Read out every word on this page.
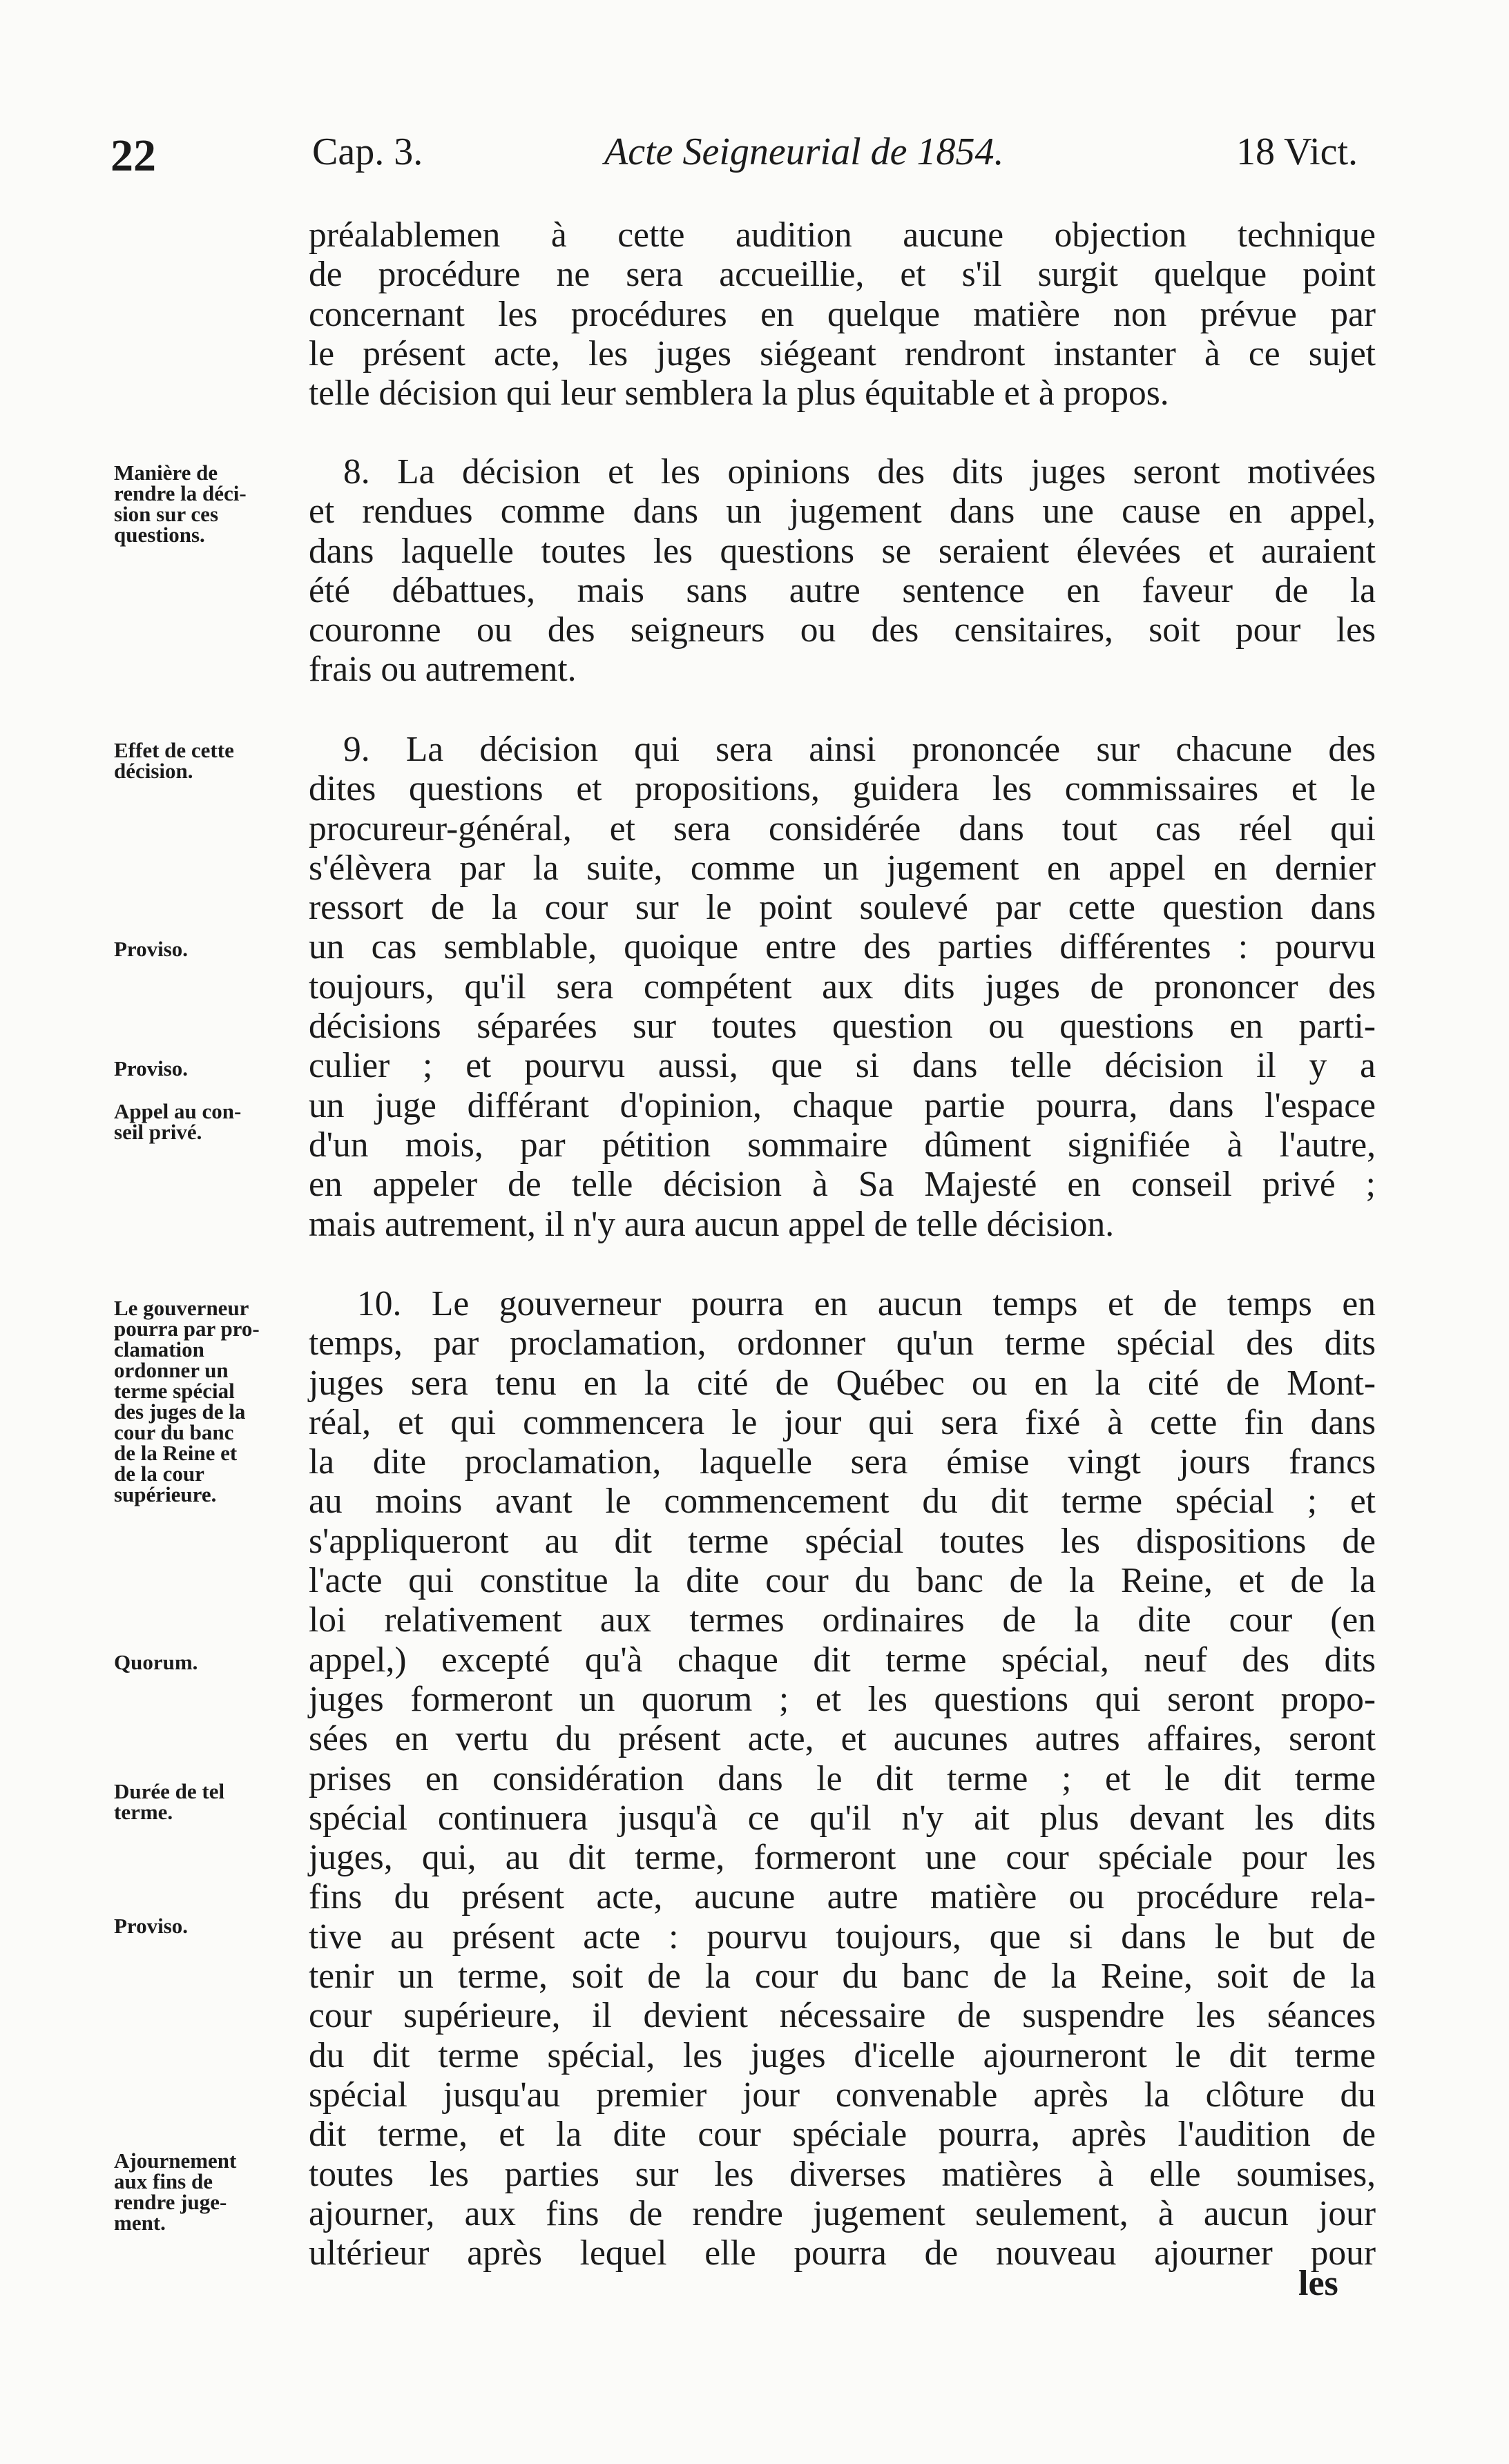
22	Cap. 3.	Acte Seigneurial de 1854.	18 Vict.

préalablemen à cette audition aucune objection technique

de procédure ne sera accueillie, et s'il surgit quelque point

concernant les procédures en quelque matière non prévue par

le présent acte, les juges siégeant rendront instanter à ce sujet

telle décision qui leur semblera la plus équitable et à propos.

8. La décision et les opinions des dits juges seront motivées

et rendues comme dans un jugement dans une cause en appel,

dans laquelle toutes les questions se seraient élevées et auraient

été débattues, mais sans autre sentence en faveur de la

couronne ou des seigneurs ou des censitaires, soit pour les

frais ou autrement.

9. La décision qui sera ainsi prononcée sur chacune des

dites questions et propositions, guidera les commissaires et le

procureur-général, et sera considérée dans tout cas réel qui

s'élèvera par la suite, comme un jugement en appel en dernier

ressort de la cour sur le point soulevé par cette question dans

un cas semblable, quoique entre des parties différentes : pourvu

toujours, qu'il sera compétent aux dits juges de prononcer des

décisions séparées sur toutes question ou questions en parti-

culier ; et pourvu aussi, que si dans telle décision il y a

un juge différant d'opinion, chaque partie pourra, dans l'espace

d'un mois, par pétition sommaire dûment signifiée à l'autre,

en appeler de telle décision à Sa Majesté en conseil privé ;

mais autrement, il n'y aura aucun appel de telle décision.

10. Le gouverneur pourra en aucun temps et de temps en

temps, par proclamation, ordonner qu'un terme spécial des dits

juges sera tenu en la cité de Québec ou en la cité de Mont-

réal, et qui commencera le jour qui sera fixé à cette fin dans

la dite proclamation, laquelle sera émise vingt jours francs

au moins avant le commencement du dit terme spécial ; et

s'appliqueront au dit terme spécial toutes les dispositions de

l'acte qui constitue la dite cour du banc de la Reine, et de la

loi relativement aux termes ordinaires de la dite cour (en

appel,) excepté qu'à chaque dit terme spécial, neuf des dits

juges formeront un quorum ; et les questions qui seront propo-

sées en vertu du présent acte, et aucunes autres affaires, seront

prises en considération dans le dit terme ; et le dit terme

spécial continuera jusqu'à ce qu'il n'y ait plus devant les dits

juges, qui, au dit terme, formeront une cour spéciale pour les

fins du présent acte, aucune autre matière ou procédure rela-

tive au présent acte : pourvu toujours, que si dans le but de

tenir un terme, soit de la cour du banc de la Reine, soit de la

cour supérieure, il devient nécessaire de suspendre les séances

du dit terme spécial, les juges d'icelle ajourneront le dit terme

spécial jusqu'au premier jour convenable après la clôture du

dit terme, et la dite cour spéciale pourra, après l'audition de

toutes les parties sur les diverses matières à elle soumises,

ajourner, aux fins de rendre jugement seulement, à aucun jour

ultérieur après lequel elle pourra de nouveau ajourner pour

les

Manière de

rendre la déci-

sion sur ces

questions.

Effet de cette

décision.

Proviso.

Proviso.

Appel au con-

seil privé.

Le gouverneur

pourra par pro-

clamation

ordonner un

terme spécial

des juges de la

cour du banc

de la Reine et

de la cour

supérieure.

Quorum.

Durée de tel

terme.

Proviso.

Ajournement

aux fins de

rendre juge-

ment.
